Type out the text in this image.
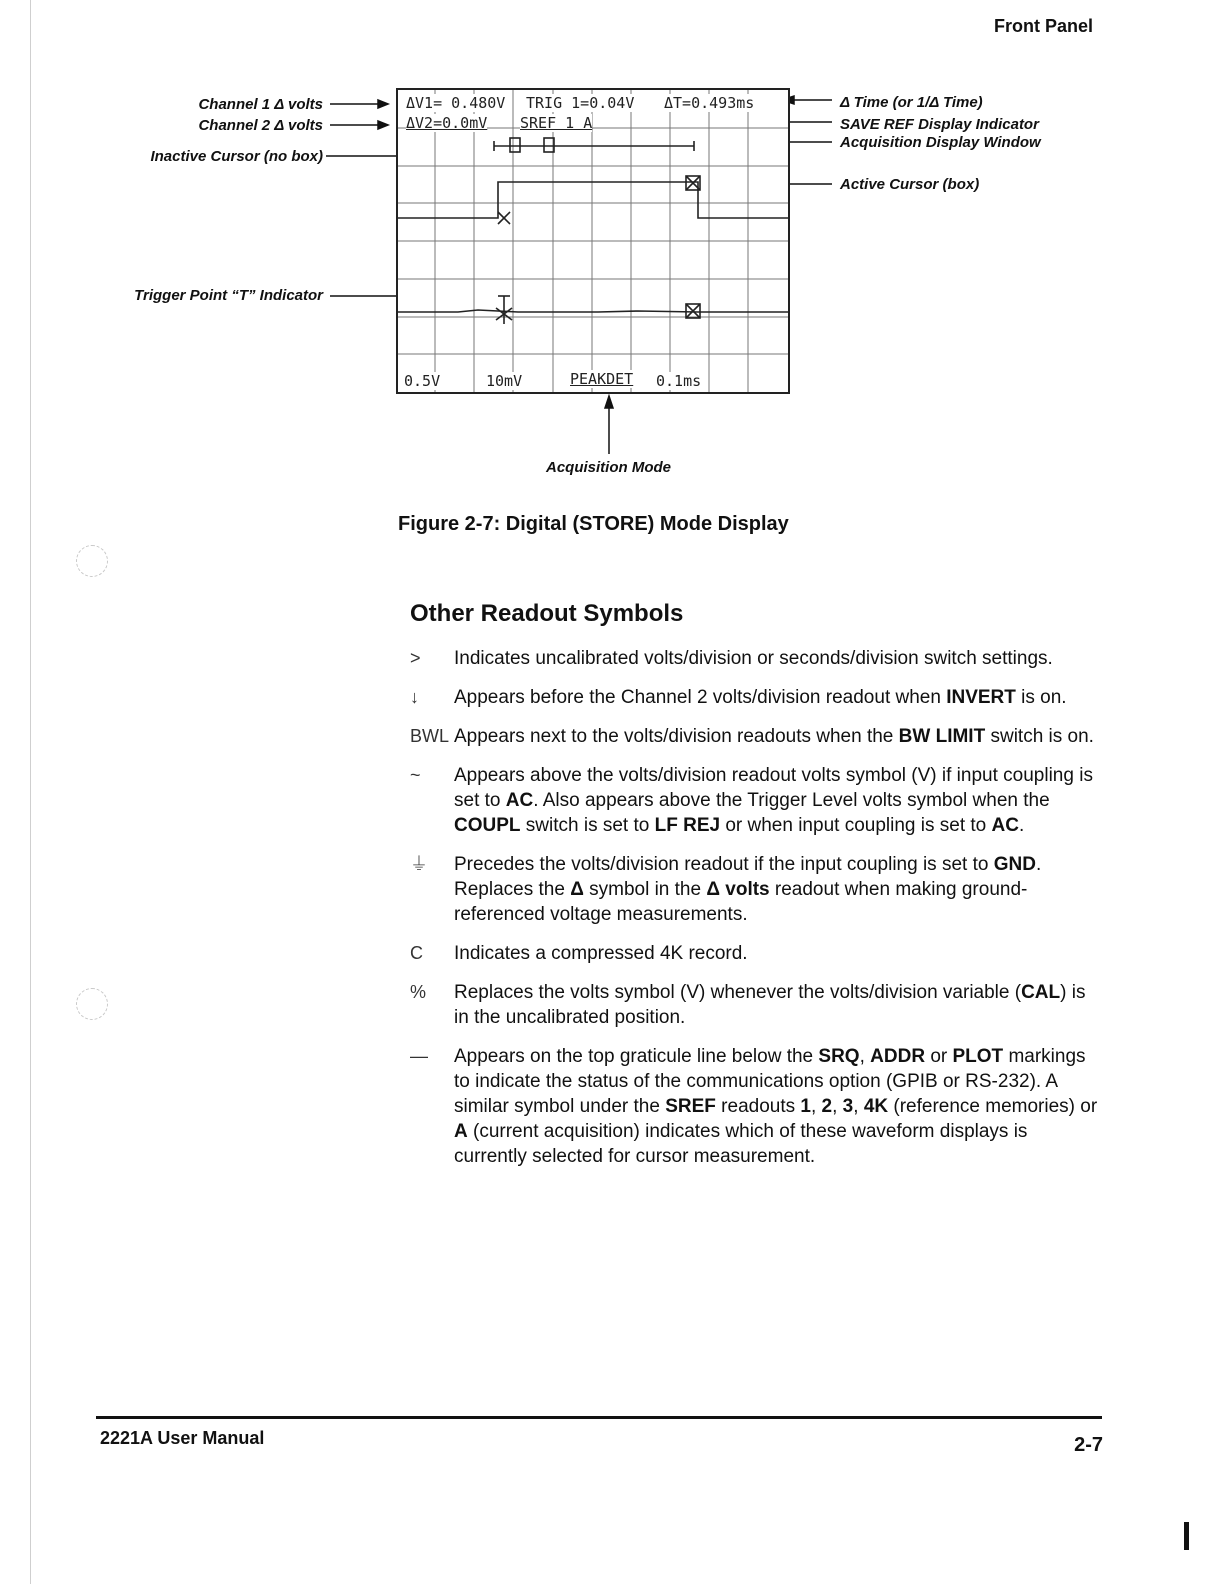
Front Panel
Channel 1 Δ volts
Channel 2 Δ volts
Inactive Cursor (no box)
Trigger Point “T” Indicator
Δ Time (or 1/Δ Time)
SAVE REF Display Indicator
Acquisition Display Window
Active Cursor (box)
ΔV1= 0.480V TRIG 1=0.04V ΔT=0.493ms
ΔV2=0.0mV SREF 1 A
0.5V	10mV	PEAKDET 0.1ms
Acquisition Mode
Figure 2-7: Digital (STORE) Mode Display
Other Readout Symbols
>	Indicates uncalibrated volts/division or seconds/division switch settings.
↓	Appears before the Channel 2 volts/division readout when INVERT is on.
BWL Appears next to the volts/division readouts when the BW LIMIT switch is on.
~	Appears above the volts/division readout volts symbol (V) if input coupling is set to AC. Also appears above the Trigger Level volts symbol when the COUPL switch is set to LF REJ or when input coupling is set to AC.
⏚	Precedes the volts/division readout if the input coupling is set to GND. Replaces the Δ symbol in the Δ volts readout when making ground-referenced voltage measurements.
C	Indicates a compressed 4K record.
%	Replaces the volts symbol (V) whenever the volts/division variable (CAL) is in the uncalibrated position.
—	Appears on the top graticule line below the SRQ, ADDR or PLOT markings to indicate the status of the communications option (GPIB or RS-232). A similar symbol under the SREF readouts 1, 2, 3, 4K (reference memories) or A (current acquisition) indicates which of these waveform displays is currently selected for cursor measurement.
2221A User Manual	2-7
